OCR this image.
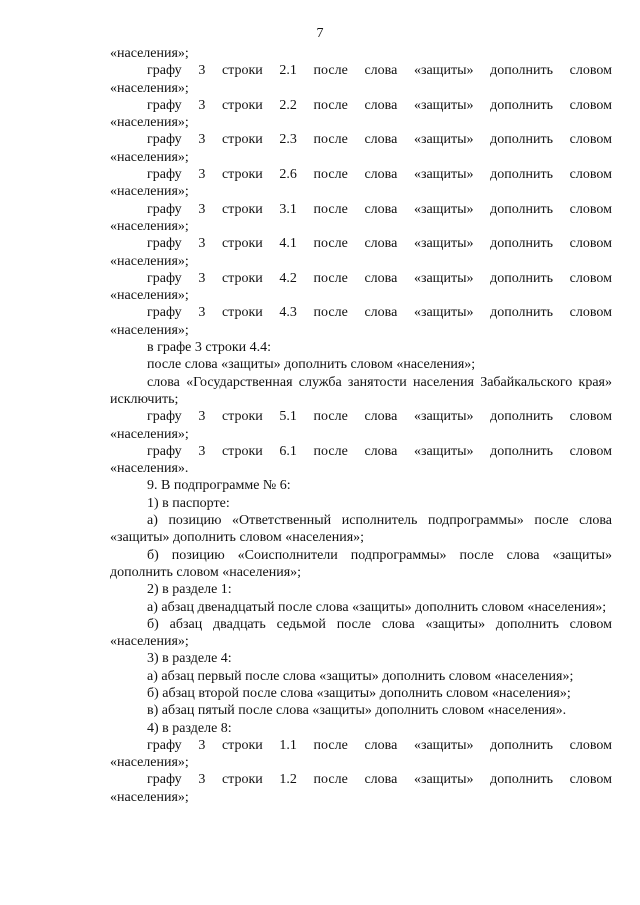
7

«населения»;

графу 3 строки 2.1 после слова «защиты» дополнить словом

«населения»;

графу 3 строки 2.2 после слова «защиты» дополнить словом

«населения»;

графу 3 строки 2.3 после слова «защиты» дополнить словом

«населения»;

графу 3 строки 2.6 после слова «защиты» дополнить словом

«населения»;

графу 3 строки 3.1 после слова «защиты» дополнить словом

«населения»;

графу 3 строки 4.1 после слова «защиты» дополнить словом

«населения»;

графу 3 строки 4.2 после слова «защиты» дополнить словом

«населения»;

графу 3 строки 4.3 после слова «защиты» дополнить словом

«населения»;

в графе 3 строки 4.4:

после слова «защиты» дополнить словом «населения»;

слова «Государственная служба занятости населения Забайкальского края» исключить;

графу 3 строки 5.1 после слова «защиты» дополнить словом

«населения»;

графу 3 строки 6.1 после слова «защиты» дополнить словом

«населения».

9. В подпрограмме № 6:

1) в паспорте:

а) позицию «Ответственный исполнитель подпрограммы» после слова «защиты» дополнить словом «населения»;

б) позицию «Соисполнители подпрограммы» после слова «защиты» дополнить словом «населения»;

2) в разделе 1:

а) абзац двенадцатый после слова «защиты» дополнить словом «населения»;

б) абзац двадцать седьмой после слова «защиты» дополнить словом «населения»;

3) в разделе 4:

а) абзац первый после слова «защиты» дополнить словом «населения»;

б) абзац второй после слова «защиты» дополнить словом «населения»;

в) абзац пятый после слова «защиты» дополнить словом «населения».

4) в разделе 8:

графу 3 строки 1.1 после слова «защиты» дополнить словом

«населения»;

графу 3 строки 1.2 после слова «защиты» дополнить словом

«населения»;
